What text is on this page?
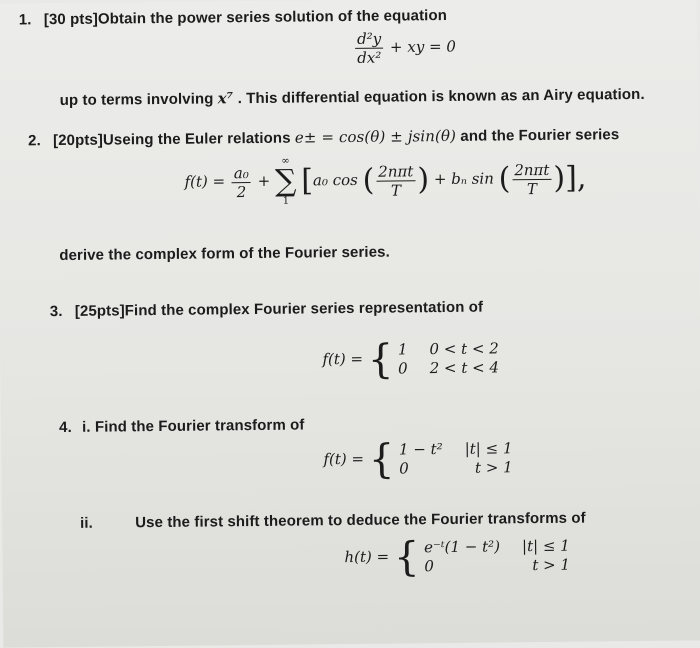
1. [30 pts]Obtain the power series solution of the equation
$\frac{\text{d²y}}{\text{dx²}}$ + xy = 0
up to terms involving x⁷ . This differential equation is known as an Airy equation.
2. [20pts]Useing the Euler relations e± = cos(θ) ± jsin(θ) and the Fourier series
$f(t) = \frac{\text{a₀}}{2}$ +
∞
∑
1
[a₀ cos ( $\frac{\text{2nπt}}{T}$ ) + bₙ sin ( $\frac{\text{2nπt}}{T}$ )],
derive the complex form of the Fourier series.
3. [25pts]Find the complex Fourier series representation of
f(t) = { 1 0 < t < 2
0 2 < t < 4
4. i. Find the Fourier transform of
f(t) = { 1 − t² |t| ≤ 1
0	t > 1
ii.	Use the first shift theorem to deduce the Fourier transforms of
h(t) = { e⁻ᵗ(1 − t²) |t| ≤ 1
0	t > 1
